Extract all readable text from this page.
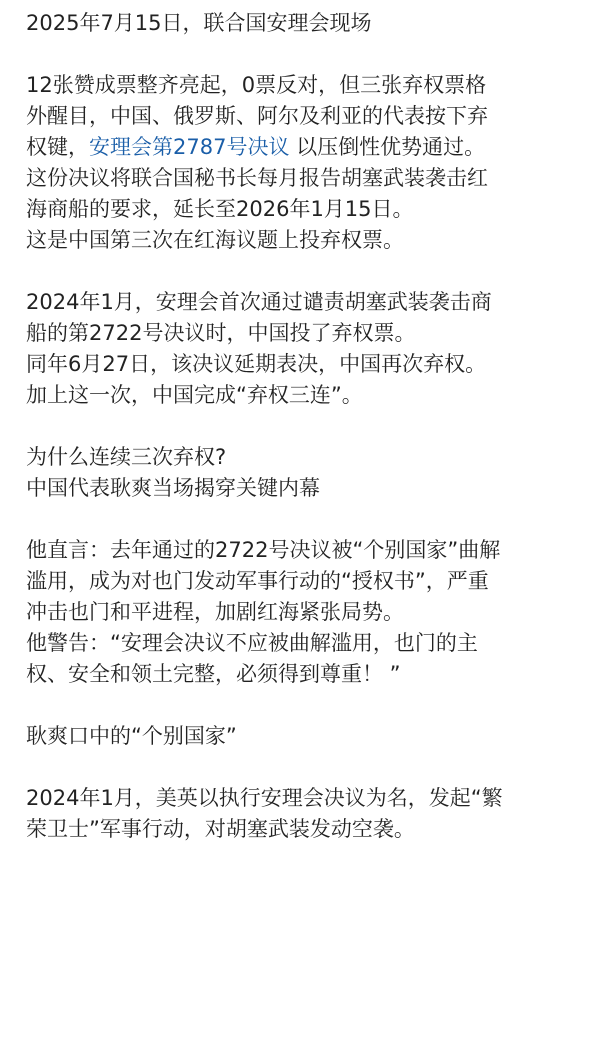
2025年7月15日，联合国安理会现场
12张赞成票整齐亮起，0票反对，但三张弃权票格
外醒目，中国、俄罗斯、阿尔及利亚的代表按下弃
权键，安理会第2787号决议 以压倒性优势通过。
这份决议将联合国秘书长每月报告胡塞武装袭击红
海商船的要求，延长至2026年1月15日。
这是中国第三次在红海议题上投弃权票。
2024年1月，安理会首次通过谴责胡塞武装袭击商
船的第2722号决议时，中国投了弃权票。
同年6月27日，该决议延期表决，中国再次弃权。
加上这一次，中国完成“弃权三连”。
为什么连续三次弃权?
中国代表耿爽当场揭穿关键内幕
他直言：去年通过的2722号决议被“个别国家”曲解
滥用，成为对也门发动军事行动的“授权书”，严重
冲击也门和平进程，加剧红海紧张局势。
他警告：“安理会决议不应被曲解滥用，也门的主
权、安全和领土完整，必须得到尊重！ ”
耿爽口中的“个别国家”
2024年1月，美英以执行安理会决议为名，发起“繁
荣卫士”军事行动，对胡塞武装发动空袭。
